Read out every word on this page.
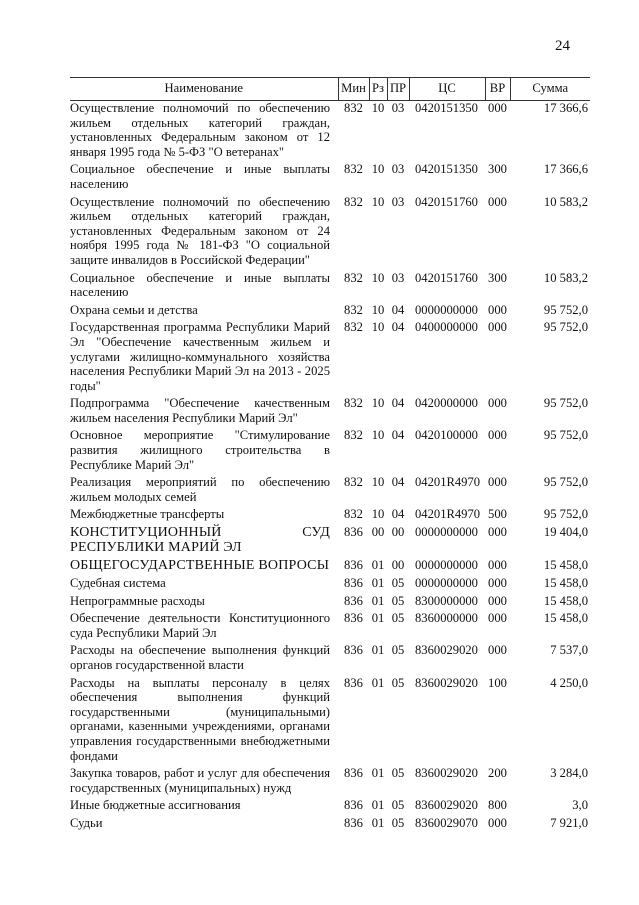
24
Наименование	Мин	Рз	ПР	ЦС	ВР	Сумма
Осуществление полномочий по обеспечению жильем отдельных категорий граждан, установленных Федеральным законом от 12 января 1995 года № 5-ФЗ "О ветеранах"	832	10	03	0420151350	000	17 366,6
Социальное обеспечение и иные выплаты населению	832	10	03	0420151350	300	17 366,6
Осуществление полномочий по обеспечению жильем отдельных категорий граждан, установленных Федеральным законом от 24 ноября 1995 года № 181-ФЗ "О социальной защите инвалидов в Российской Федерации"	832	10	03	0420151760	000	10 583,2
Социальное обеспечение и иные выплаты населению	832	10	03	0420151760	300	10 583,2
Охрана семьи и детства	832	10	04	0000000000	000	95 752,0
Государственная программа Республики Марий Эл "Обеспечение качественным жильем и услугами жилищно-коммунального хозяйства населения Республики Марий Эл на 2013 - 2025 годы"	832	10	04	0400000000	000	95 752,0
Подпрограмма "Обеспечение качественным жильем населения Республики Марий Эл"	832	10	04	0420000000	000	95 752,0
Основное мероприятие "Стимулирование развития жилищного строительства в Республике Марий Эл"	832	10	04	0420100000	000	95 752,0
Реализация мероприятий по обеспечению жильем молодых семей	832	10	04	04201R4970	000	95 752,0
Межбюджетные трансферты	832	10	04	04201R4970	500	95 752,0
КОНСТИТУЦИОННЫЙ СУД РЕСПУБЛИКИ МАРИЙ ЭЛ	836	00	00	0000000000	000	19 404,0
ОБЩЕГОСУДАРСТВЕННЫЕ ВОПРОСЫ	836	01	00	0000000000	000	15 458,0
Судебная система	836	01	05	0000000000	000	15 458,0
Непрограммные расходы	836	01	05	8300000000	000	15 458,0
Обеспечение деятельности Конституционного суда Республики Марий Эл	836	01	05	8360000000	000	15 458,0
Расходы на обеспечение выполнения функций органов государственной власти	836	01	05	8360029020	000	7 537,0
Расходы на выплаты персоналу в целях обеспечения выполнения функций государственными (муниципальными) органами, казенными учреждениями, органами управления государственными внебюджетными фондами	836	01	05	8360029020	100	4 250,0
Закупка товаров, работ и услуг для обеспечения государственных (муниципальных) нужд	836	01	05	8360029020	200	3 284,0
Иные бюджетные ассигнования	836	01	05	8360029020	800	3,0
Судьи	836	01	05	8360029070	000	7 921,0
